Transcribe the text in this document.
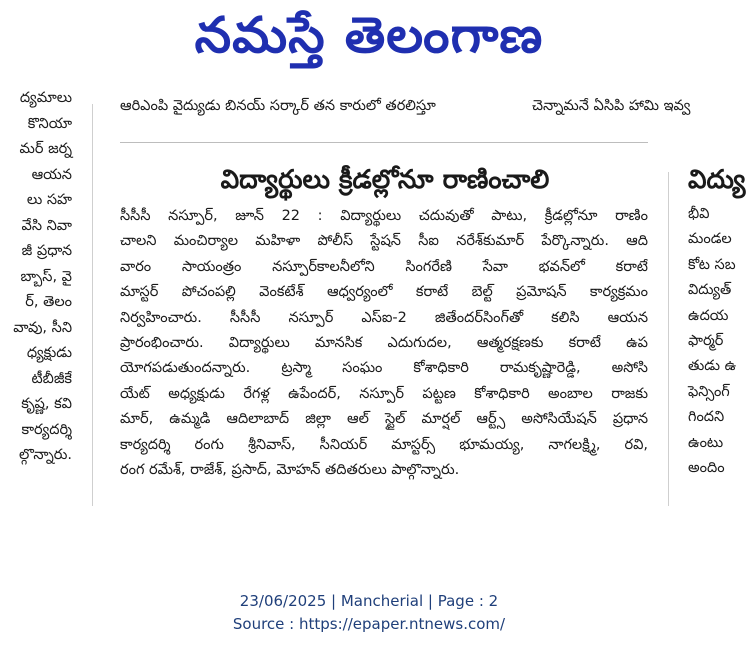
నమస్తే తెలంగాణ
ద్యమాలు
కొనియా
మర్ జర్న
ఆయన
లు సహ
వేసి నివా
జీ ప్రధాన
బ్బాస్, వై
ర్, తెలం
వావు, సీని
ధ్యక్షుడు
టీబీజీకే
కృష్ణ, కవి
కార్యదర్శి
ల్గొన్నారు.
ఆరిఎంపి వైద్యుడు బినయ్ సర్కార్ తన కారులో తరలిస్తూ	చెన్నామనే ఏసిపి హామి ఇవ్వ
విద్యార్థులు క్రీడల్లోనూ రాణించాలి
సీసీసీ నస్పూర్, జూన్ 22 : విద్యార్థులు చదువుతో పాటు, క్రీడల్లోనూ రాణిం
చాలని మంచిర్యాల మహిళా పోలీస్ స్టేషన్ సీఐ నరేశ్‌కుమార్ పేర్కొన్నారు. ఆది
వారం సాయంత్రం నస్పూర్‌కాలనీలోని సింగరేణి సేవా భవన్‌లో కరాటే
మాస్టర్ పోచంపల్లి వెంకటేశ్ ఆధ్వర్యంలో కరాటే బెల్ట్ ప్రమోషన్ కార్యక్రమం
నిర్వహించారు. సీసీసీ నస్పూర్ ఎస్ఐ-2 జితేందర్‌సింగ్‌తో కలిసి ఆయన
ప్రారంభించారు. విద్యార్థులు మానసిక ఎదుగుదల, ఆత్మరక్షణకు కరాటే ఉప
యోగపడుతుందన్నారు. ట్రస్మా సంఘం కోశాధికారి రామకృష్ణారెడ్డి, అసోసి
యేట్ అధ్యక్షుడు రేగళ్ల ఉపేందర్, నస్పూర్ పట్టణ కోశాధికారి అంబాల రాజకు
మార్, ఉమ్మడి ఆదిలాబాద్ జిల్లా ఆల్ స్టైల్ మార్షల్ ఆర్ట్స్ అసోసియేషన్ ప్రధాన
కార్యదర్శి రంగు శ్రీనివాస్, సీనియర్ మాస్టర్స్ భూమయ్య, నాగలక్ష్మి, రవి,
రంగ రమేశ్, రాజేశ్, ప్రసాద్, మోహన్ తదితరులు పాల్గొన్నారు.
విద్యు
భీవి
మండల
కోట సబ
విద్యుత్
ఉదయ
ఫార్మర్
తుడు ఉ
ఫెన్సింగ్
గిందని
ఉంటు
అందిం
23/06/2025 | Mancherial | Page : 2
Source : https://epaper.ntnews.com/
